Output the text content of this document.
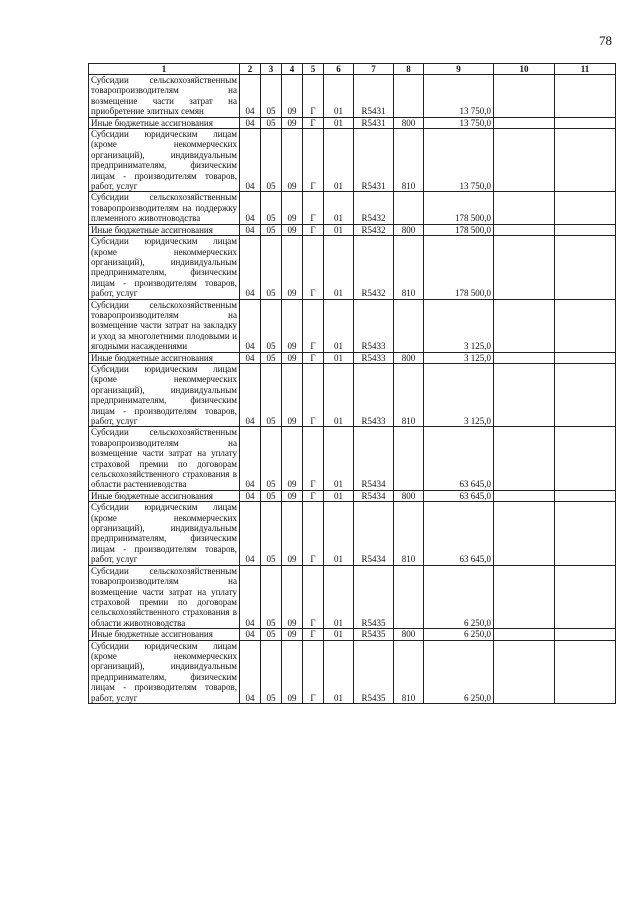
78
1	2	3	4	5	6	7	8	9	10	11
Субсидии сельскохозяйственным товаропроизводителям на возмещение части затрат на приобретение элитных семян	04	05	09	Г	01	R5431		13 750,0		
Иные бюджетные ассигнования	04	05	09	Г	01	R5431	800	13 750,0		
Субсидии юридическим лицам (кроме некоммерческих организаций), индивидуальным предпринимателям, физическим лицам - производителям товаров, работ, услуг	04	05	09	Г	01	R5431	810	13 750,0		
Субсидии сельскохозяйственным товаропроизводителям на поддержку племенного животноводства	04	05	09	Г	01	R5432		178 500,0		
Иные бюджетные ассигнования	04	05	09	Г	01	R5432	800	178 500,0		
Субсидии юридическим лицам (кроме некоммерческих организаций), индивидуальным предпринимателям, физическим лицам - производителям товаров, работ, услуг	04	05	09	Г	01	R5432	810	178 500,0		
Субсидии сельскохозяйственным товаропроизводителям на возмещение части затрат на закладку и уход за многолетними плодовыми и ягодными насаждениями	04	05	09	Г	01	R5433		3 125,0		
Иные бюджетные ассигнования	04	05	09	Г	01	R5433	800	3 125,0		
Субсидии юридическим лицам (кроме некоммерческих организаций), индивидуальным предпринимателям, физическим лицам - производителям товаров, работ, услуг	04	05	09	Г	01	R5433	810	3 125,0		
Субсидии сельскохозяйственным товаропроизводителям на возмещение части затрат на уплату страховой премии по договорам сельскохозяйственного страхования в области растениеводства	04	05	09	Г	01	R5434		63 645,0		
Иные бюджетные ассигнования	04	05	09	Г	01	R5434	800	63 645,0		
Субсидии юридическим лицам (кроме некоммерческих организаций), индивидуальным предпринимателям, физическим лицам - производителям товаров, работ, услуг	04	05	09	Г	01	R5434	810	63 645,0		
Субсидии сельскохозяйственным товаропроизводителям на возмещение части затрат на уплату страховой премии по договорам сельскохозяйственного страхования в области животноводства	04	05	09	Г	01	R5435		6 250,0		
Иные бюджетные ассигнования	04	05	09	Г	01	R5435	800	6 250,0		
Субсидии юридическим лицам (кроме некоммерческих организаций), индивидуальным предпринимателям, физическим лицам - производителям товаров, работ, услуг	04	05	09	Г	01	R5435	810	6 250,0		
